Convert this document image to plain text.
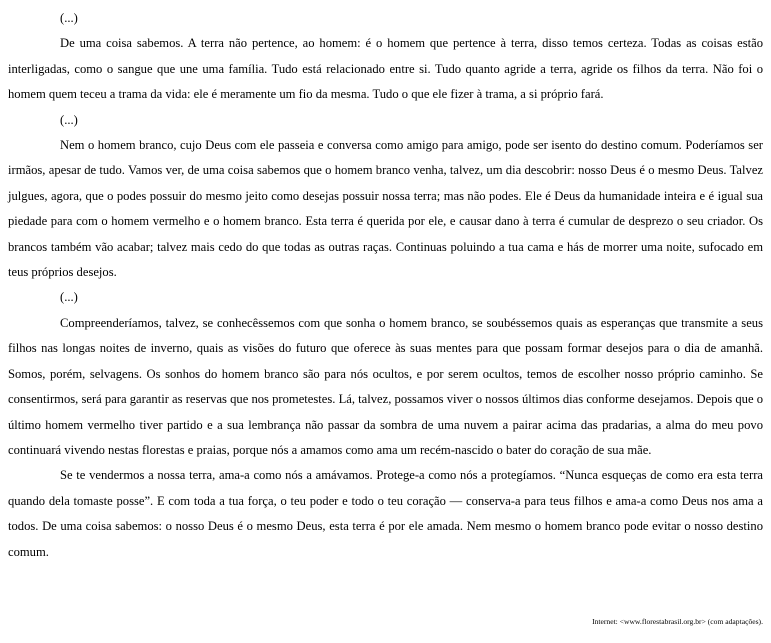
(...)

De uma coisa sabemos. A terra não pertence, ao homem: é o homem que pertence à terra, disso temos certeza. Todas as coisas estão interligadas, como o sangue que une uma família. Tudo está relacionado entre si. Tudo quanto agride a terra, agride os filhos da terra. Não foi o homem quem teceu a trama da vida: ele é meramente um fio da mesma. Tudo o que ele fizer à trama, a si próprio fará.

(...)

Nem o homem branco, cujo Deus com ele passeia e conversa como amigo para amigo, pode ser isento do destino comum. Poderíamos ser irmãos, apesar de tudo. Vamos ver, de uma coisa sabemos que o homem branco venha, talvez, um dia descobrir: nosso Deus é o mesmo Deus. Talvez julgues, agora, que o podes possuir do mesmo jeito como desejas possuir nossa terra; mas não podes. Ele é Deus da humanidade inteira e é igual sua piedade para com o homem vermelho e o homem branco. Esta terra é querida por ele, e causar dano à terra é cumular de desprezo o seu criador. Os brancos também vão acabar; talvez mais cedo do que todas as outras raças. Continuas poluindo a tua cama e hás de morrer uma noite, sufocado em teus próprios desejos.

(...)

Compreenderíamos, talvez, se conhecêssemos com que sonha o homem branco, se soubéssemos quais as esperanças que transmite a seus filhos nas longas noites de inverno, quais as visões do futuro que oferece às suas mentes para que possam formar desejos para o dia de amanhã. Somos, porém, selvagens. Os sonhos do homem branco são para nós ocultos, e por serem ocultos, temos de escolher nosso próprio caminho. Se consentirmos, será para garantir as reservas que nos prometestes. Lá, talvez, possamos viver o nossos últimos dias conforme desejamos. Depois que o último homem vermelho tiver partido e a sua lembrança não passar da sombra de uma nuvem a pairar acima das pradarias, a alma do meu povo continuará vivendo nestas florestas e praias, porque nós a amamos como ama um recém-nascido o bater do coração de sua mãe.

Se te vendermos a nossa terra, ama-a como nós a amávamos. Protege-a como nós a protegíamos. “Nunca esqueças de como era esta terra quando dela tomaste posse”. E com toda a tua força, o teu poder e todo o teu coração — conserva-a para teus filhos e ama-a como Deus nos ama a todos. De uma coisa sabemos: o nosso Deus é o mesmo Deus, esta terra é por ele amada. Nem mesmo o homem branco pode evitar o nosso destino comum.

Internet: <www.florestabrasil.org.br> (com adaptações).
